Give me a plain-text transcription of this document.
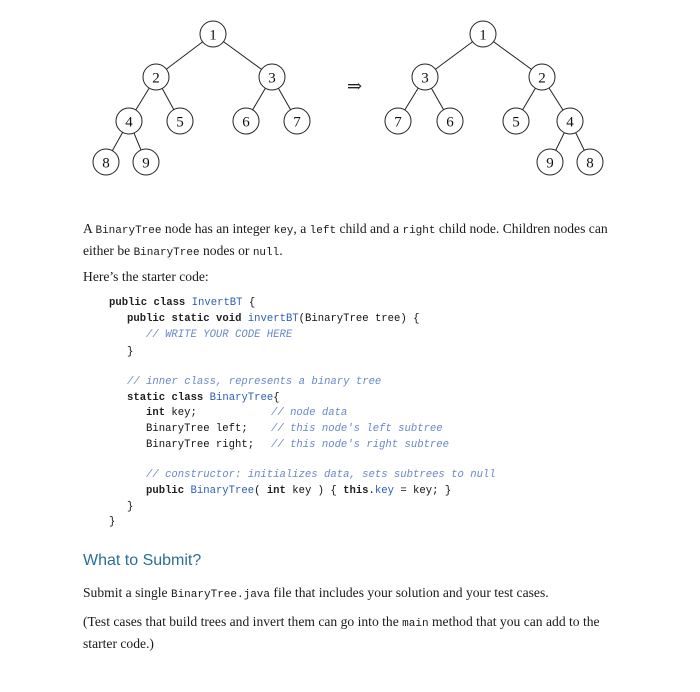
1
2	3
4	5	6	7
8 9
⇒
1
3	2
7	6	5	4
9 8

A BinaryTree node has an integer key, a left child and a right child node. Children nodes can either be BinaryTree nodes or null.

Here’s the starter code:

public class InvertBT {
public static void invertBT(BinaryTree tree) {
// WRITE YOUR CODE HERE
}
// inner class, represents a binary tree
static class BinaryTree{
int key;	// node data
BinaryTree left; // this node's left subtree
BinaryTree right; // this node's right subtree
// constructor: initializes data, sets subtrees to null
public BinaryTree( int key ) { this.key = key; }
}
}
What to Submit?

Submit a single BinaryTree.java file that includes your solution and your test cases.

(Test cases that build trees and invert them can go into the main method that you can add to the starter code.)
